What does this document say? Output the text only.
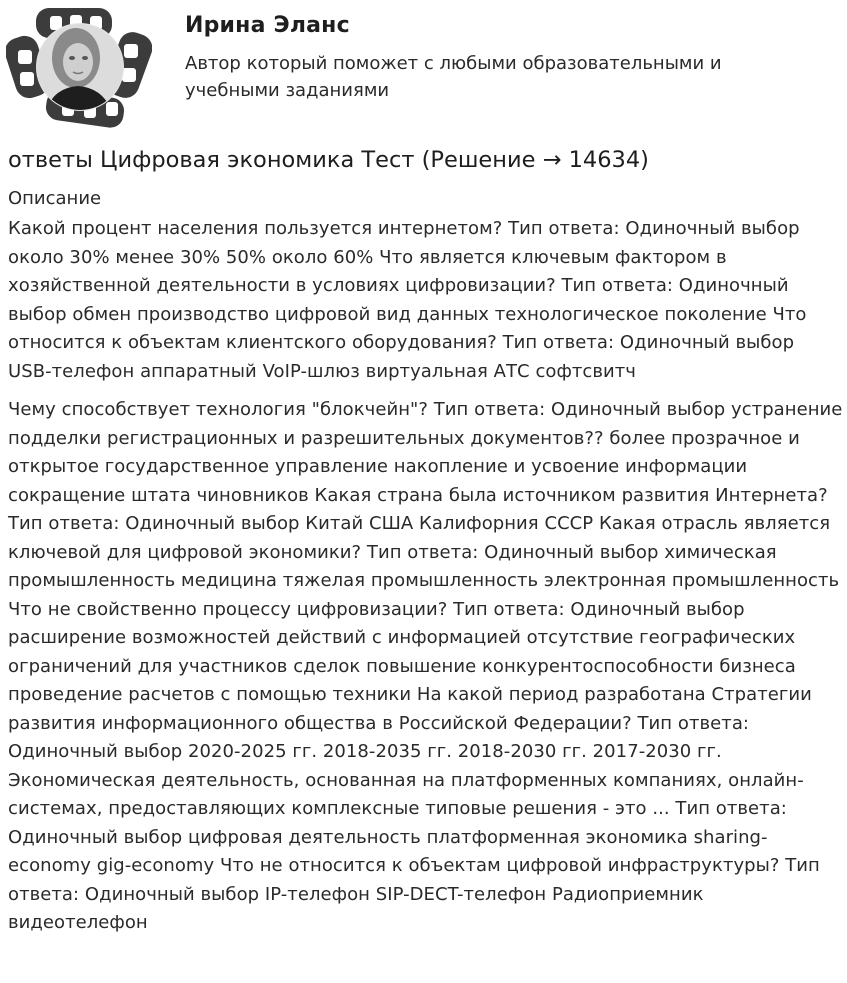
Ирина Эланс
Автор который поможет с любыми образовательными и учебными заданиями
ответы Цифровая экономика Тест (Решение → 14634)
Описание

Какой процент населения пользуется интернетом? Тип ответа: Одиночный выбор около 30% менее 30% 50% около 60% Что является ключевым фактором в хозяйственной деятельности в условиях цифровизации? Тип ответа: Одиночный выбор обмен производство цифровой вид данных технологическое поколение Что относится к объектам клиентского оборудования? Тип ответа: Одиночный выбор USB-телефон аппаратный VoIP-шлюз виртуальная АТС софтсвитч

Чему способствует технология "блокчейн"? Тип ответа: Одиночный выбор устранение подделки регистрационных и разрешительных документов?? более прозрачное и открытое государственное управление накопление и усвоение информации сокращение штата чиновников Какая страна была источником развития Интернета? Тип ответа: Одиночный выбор Китай США Калифорния СССР Какая отрасль является ключевой для цифровой экономики? Тип ответа: Одиночный выбор химическая промышленность медицина тяжелая промышленность электронная промышленность Что не свойственно процессу цифровизации? Тип ответа: Одиночный выбор расширение возможностей действий с информацией отсутствие географических ограничений для участников сделок повышение конкурентоспособности бизнеса проведение расчетов с помощью техники На какой период разработана Стратегии развития информационного общества в Российской Федерации? Тип ответа: Одиночный выбор 2020-2025 гг. 2018-2035 гг. 2018-2030 гг. 2017-2030 гг. Экономическая деятельность, основанная на платформенных компаниях, онлайн-системах, предоставляющих комплексные типовые решения - это ... Тип ответа: Одиночный выбор цифровая деятельность платформенная экономика sharing-economy gig-economy Что не относится к объектам цифровой инфраструктуры? Тип ответа: Одиночный выбор IP-телефон SIP-DECT-телефон Радиоприемник видеотелефон
